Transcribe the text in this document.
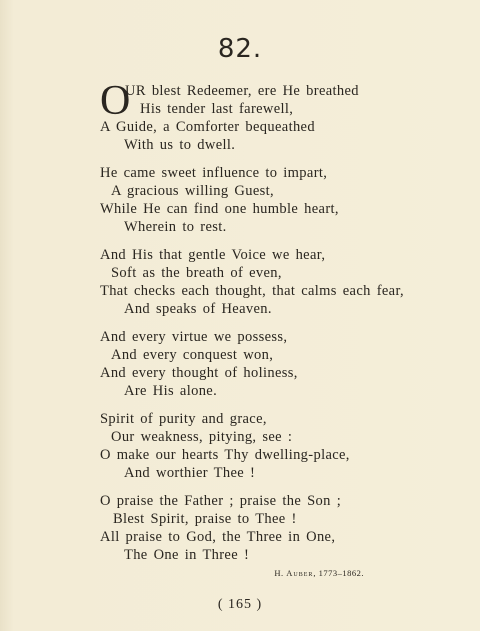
82.
O
UR blest Redeemer, ere He breathed
His tender last farewell,
A Guide, a Comforter bequeathed
With us to dwell.
He came sweet influence to impart,
A gracious willing Guest,
While He can find one humble heart,
Wherein to rest.
And His that gentle Voice we hear,
Soft as the breath of even,
That checks each thought, that calms each fear,
And speaks of Heaven.
And every virtue we possess,
And every conquest won,
And every thought of holiness,
Are His alone.
Spirit of purity and grace,
Our weakness, pitying, see :
O make our hearts Thy dwelling-place,
And worthier Thee !
O praise the Father ; praise the Son ;
Blest Spirit, praise to Thee !
All praise to God, the Three in One,
The One in Three !
H. Auber, 1773–1862.
( 165 )
